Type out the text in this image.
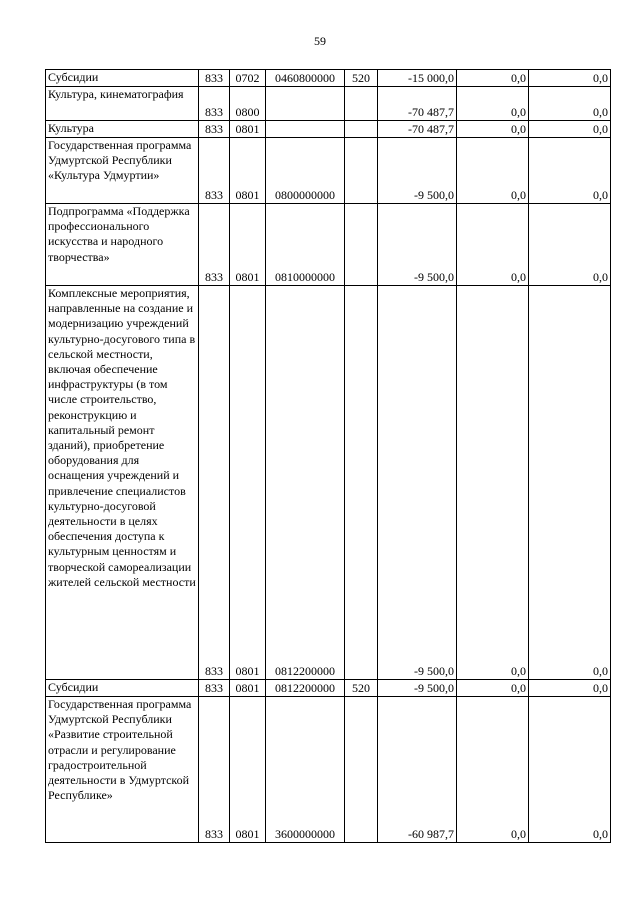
59
Субсидии	833	0702	0460800000	520	-15 000,0	0,0	0,0
Культура, кинематография	833	0800			-70 487,7	0,0	0,0
Культура	833	0801			-70 487,7	0,0	0,0
Государственная программа Удмуртской Республики «Культура Удмуртии»	833	0801	0800000000		-9 500,0	0,0	0,0
Подпрограмма «Поддержка профессионального искусства и народного творчества»	833	0801	0810000000		-9 500,0	0,0	0,0
Комплексные мероприятия, направленные на создание и модернизацию учреждений культурно-досугового типа в сельской местности, включая обеспечение инфраструктуры (в том числе строительство, реконструкцию и капитальный ремонт зданий), приобретение оборудования для оснащения учреждений и привлечение специалистов культурно-досуговой деятельности в целях обеспечения доступа к культурным ценностям и творческой самореализации жителей сельской местности	833	0801	0812200000		-9 500,0	0,0	0,0
Субсидии	833	0801	0812200000	520	-9 500,0	0,0	0,0
Государственная программа Удмуртской Республики «Развитие строительной отрасли и регулирование градостроительной деятельности в Удмуртской Республике»	833	0801	3600000000		-60 987,7	0,0	0,0
